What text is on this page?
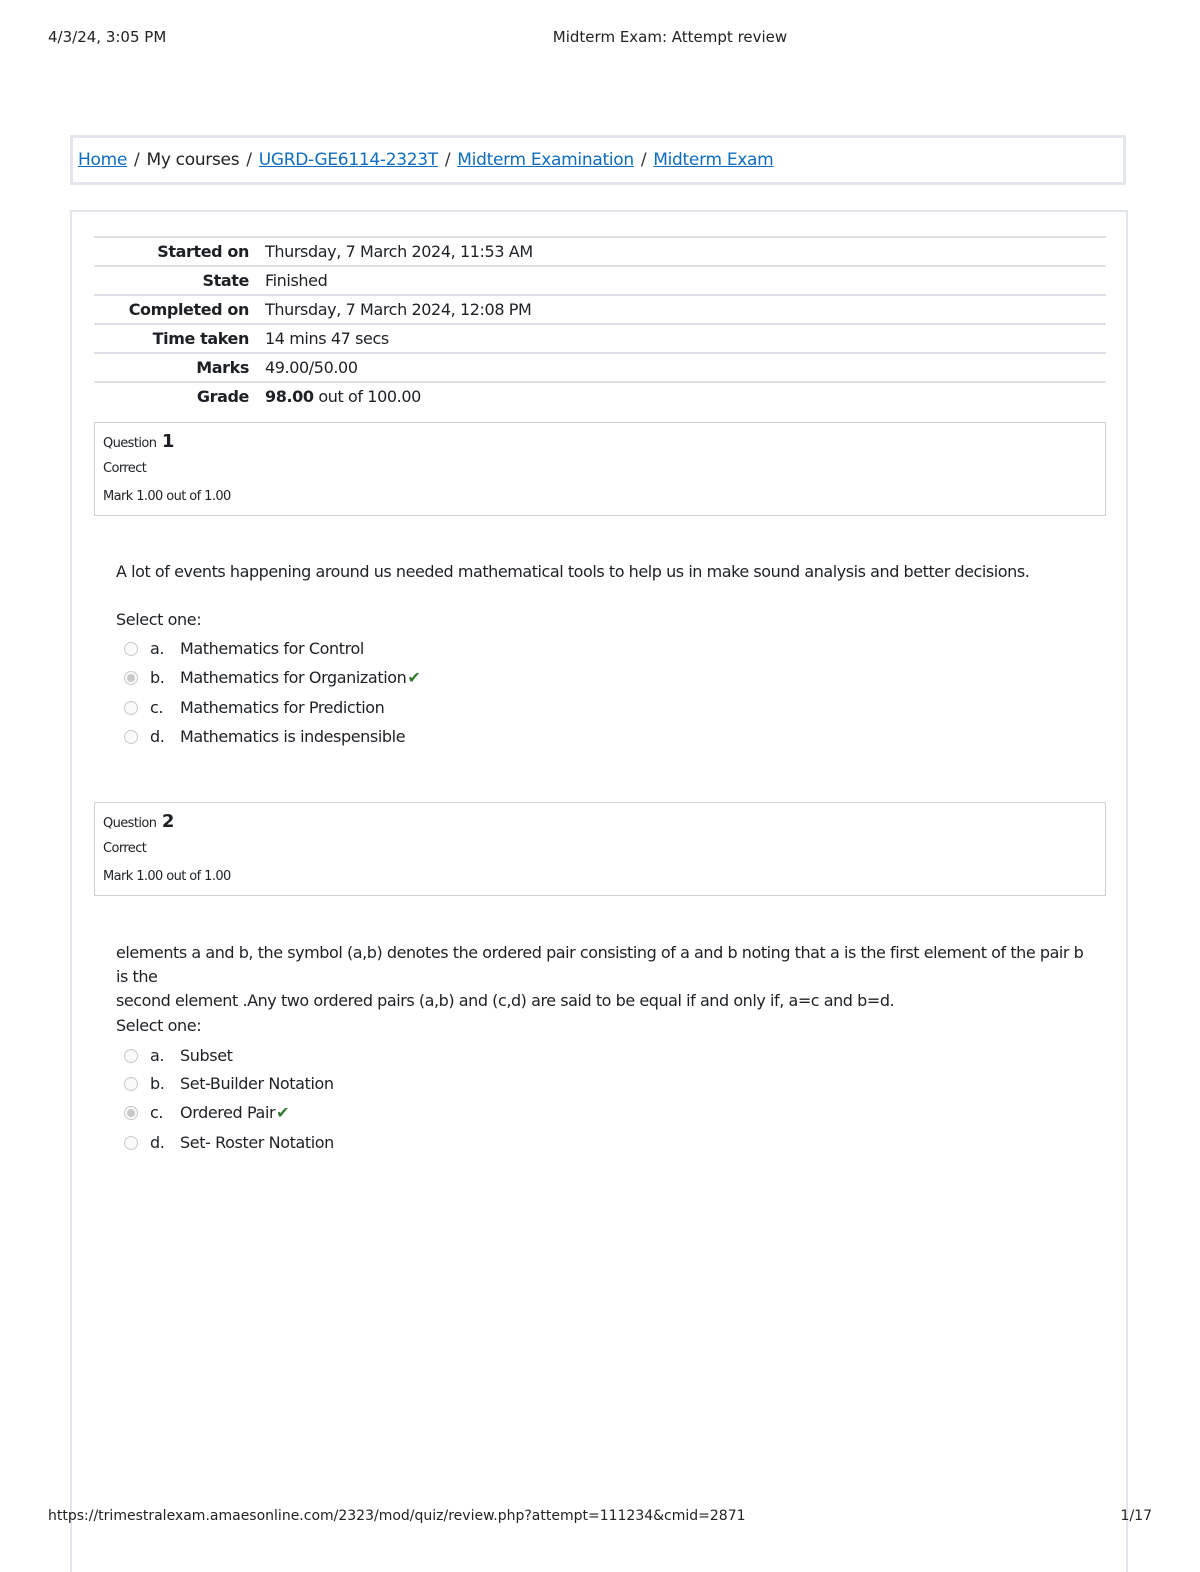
4/3/24, 3:05 PM	Midterm Exam: Attempt review
Home / My courses / UGRD-GE6114-2323T / Midterm Examination / Midterm Exam
Started on	Thursday, 7 March 2024, 11:53 AM
State	Finished
Completed on	Thursday, 7 March 2024, 12:08 PM
Time taken	14 mins 47 secs
Marks	49.00/50.00
Grade	98.00 out of 100.00
Question 1
Correct
Mark 1.00 out of 1.00
A lot of events happening around us needed mathematical tools to help us in make sound analysis and better decisions.
Select one:
a. Mathematics for Control
b. Mathematics for Organization✔
c. Mathematics for Prediction
d. Mathematics is indespensible
Question 2
Correct
Mark 1.00 out of 1.00
elements a and b, the symbol (a,b) denotes the ordered pair consisting of a and b noting that a is the first element of the pair b is the
second element .Any two ordered pairs (a,b) and (c,d) are said to be equal if and only if, a=c and b=d.
Select one:
a. Subset
b. Set-Builder Notation
c. Ordered Pair✔
d. Set- Roster Notation
https://trimestralexam.amaesonline.com/2323/mod/quiz/review.php?attempt=111234&cmid=2871	1/17
